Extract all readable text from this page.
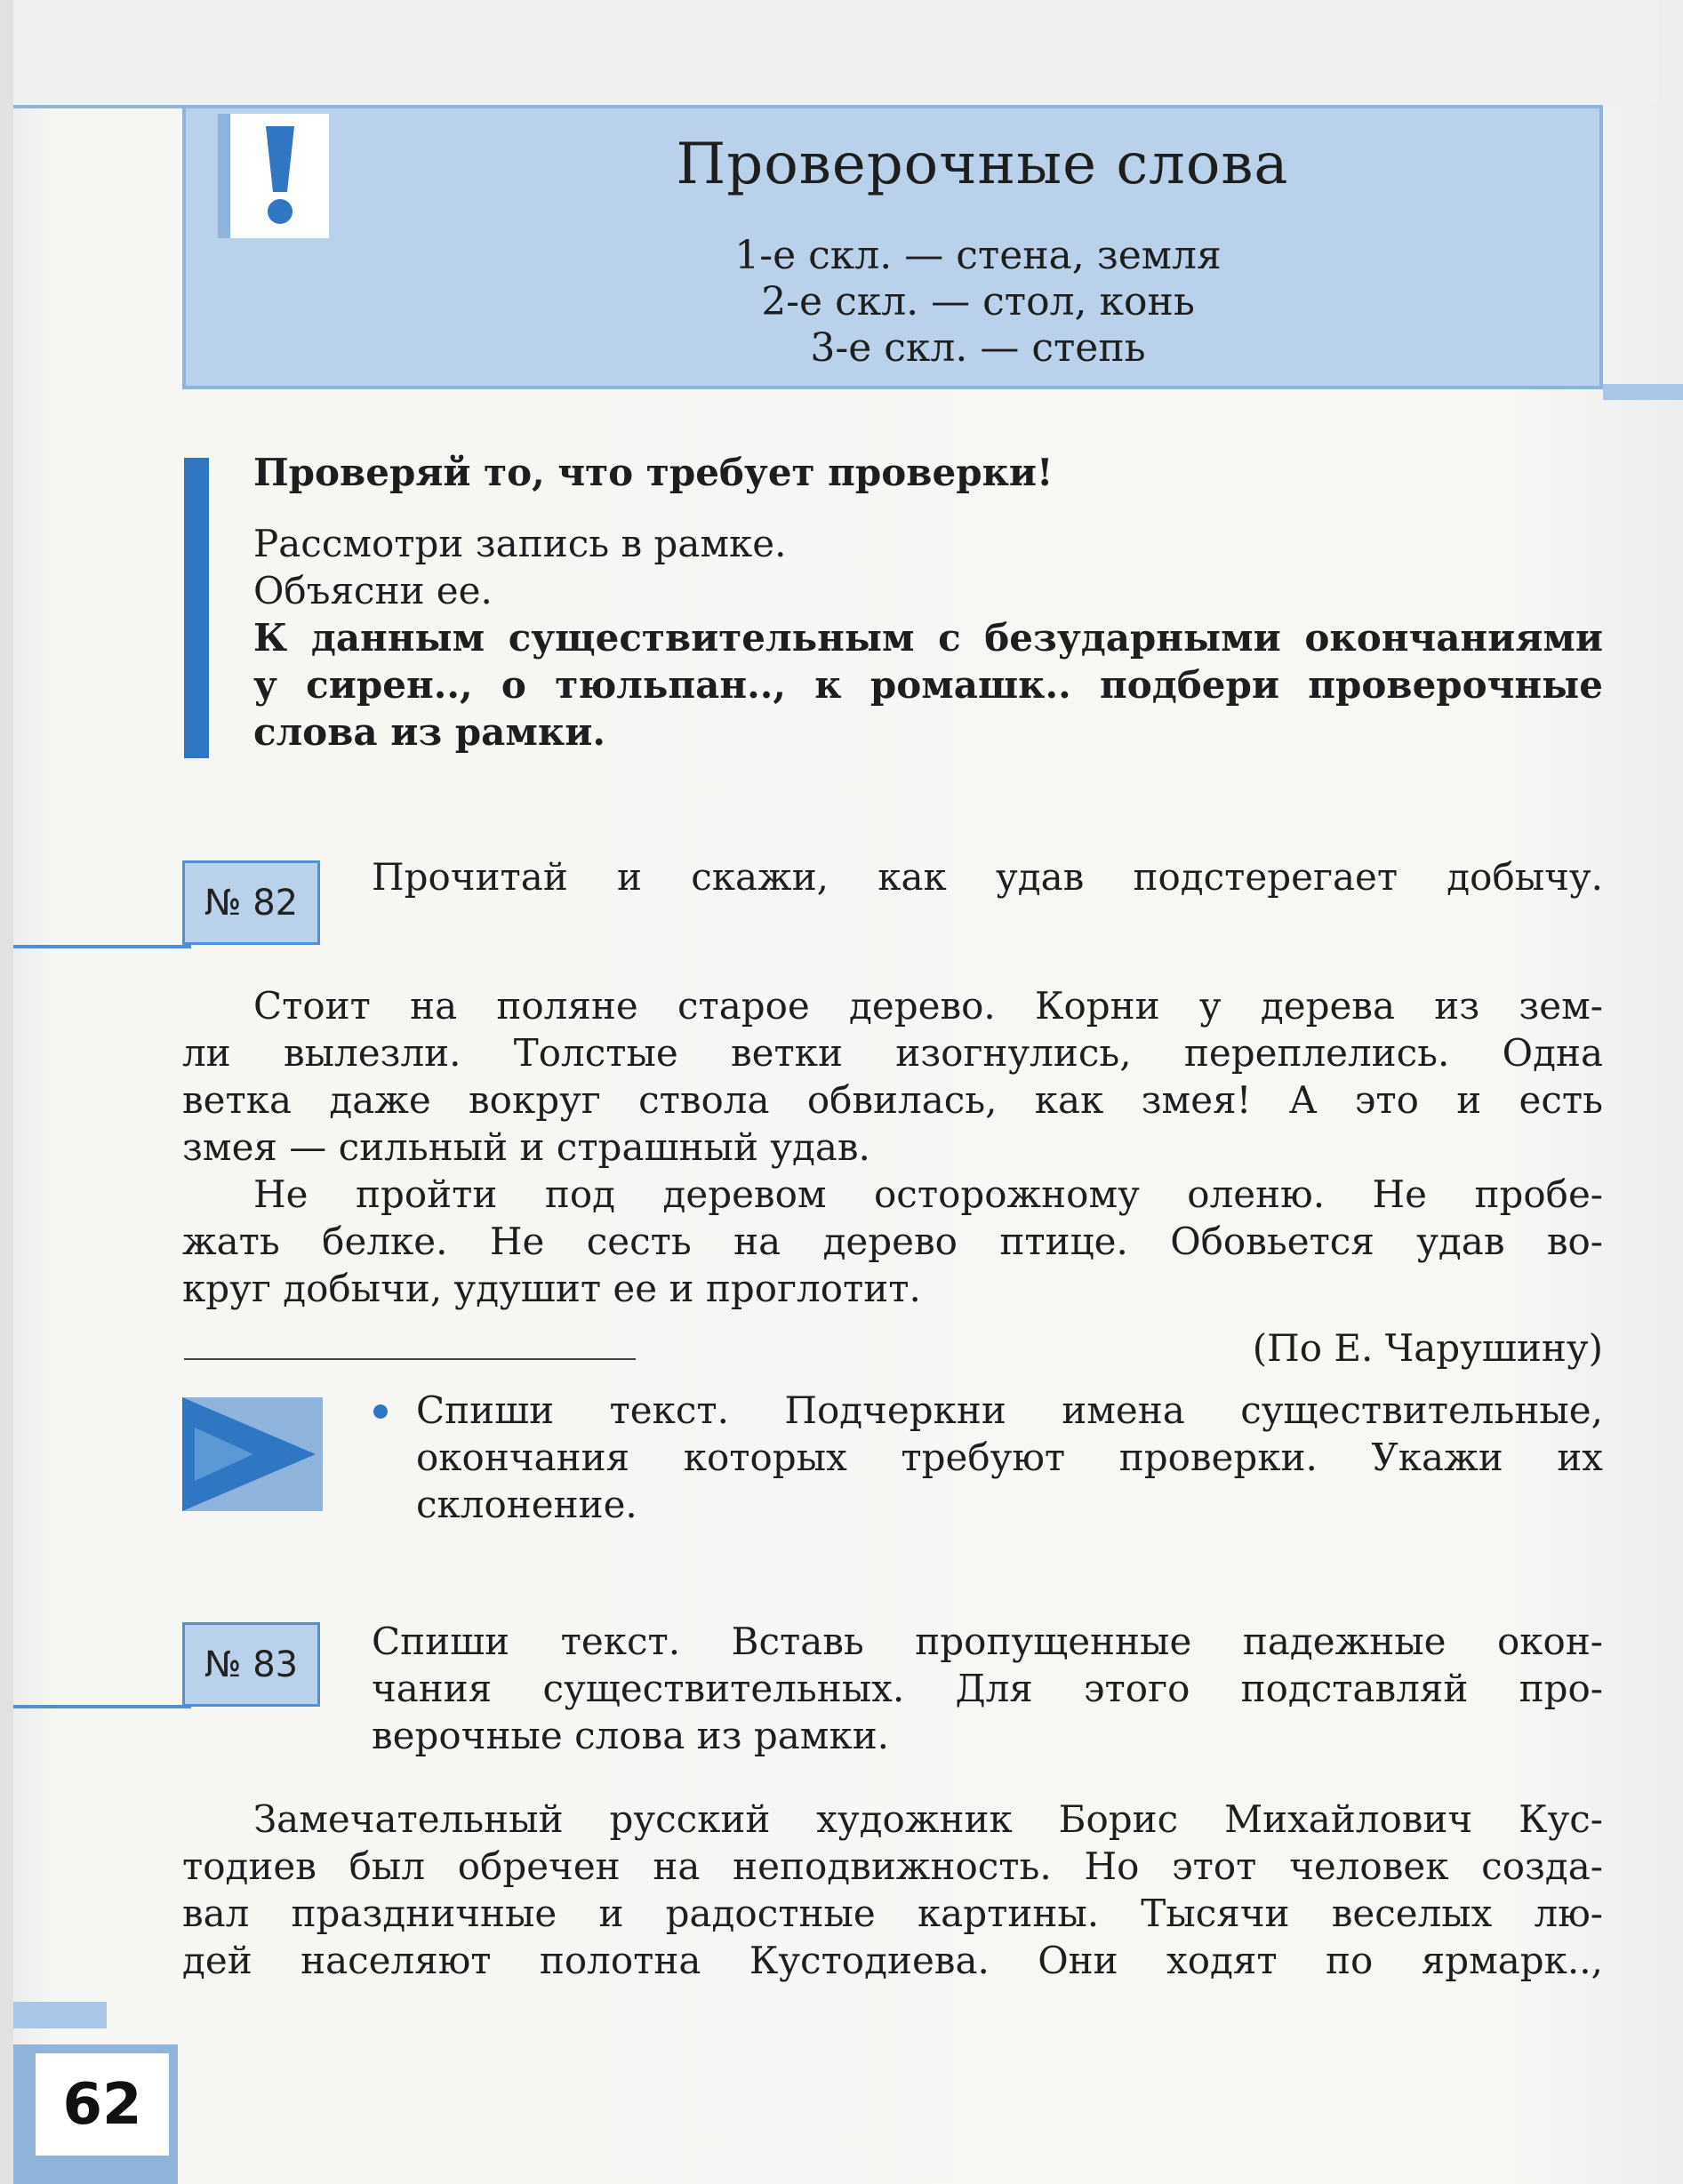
Проверочные слова
1-е скл. — стена, земля
2-е скл. — стол, конь
3-е скл. — степь
Проверяй то, что требует проверки!
Рассмотри запись в рамке.
Объясни ее.
К данным существительным с безударными окончаниями
у сирен.., о тюльпан.., к ромашк.. подбери проверочные
слова из рамки.
№ 82
Прочитай и скажи, как удав подстерегает добычу.
Стоит на поляне старое дерево. Корни у дерева из зем-
ли вылезли. Толстые ветки изогнулись, переплелись. Одна
ветка даже вокруг ствола обвилась, как змея! А это и есть
змея — сильный и страшный удав.
Не пройти под деревом осторожному оленю. Не пробе-
жать белке. Не сесть на дерево птице. Обовьется удав во-
круг добычи, удушит ее и проглотит.
(По Е. Чарушину)
Спиши текст. Подчеркни имена существительные,
окончания которых требуют проверки. Укажи их
склонение.
№ 83
Спиши текст. Вставь пропущенные падежные окон-
чания существительных. Для этого подставляй про-
верочные слова из рамки.
Замечательный русский художник Борис Михайлович Кус-
тодиев был обречен на неподвижность. Но этот человек созда-
вал праздничные и радостные картины. Тысячи веселых лю-
дей населяют полотна Кустодиева. Они ходят по ярмарк..,
62
